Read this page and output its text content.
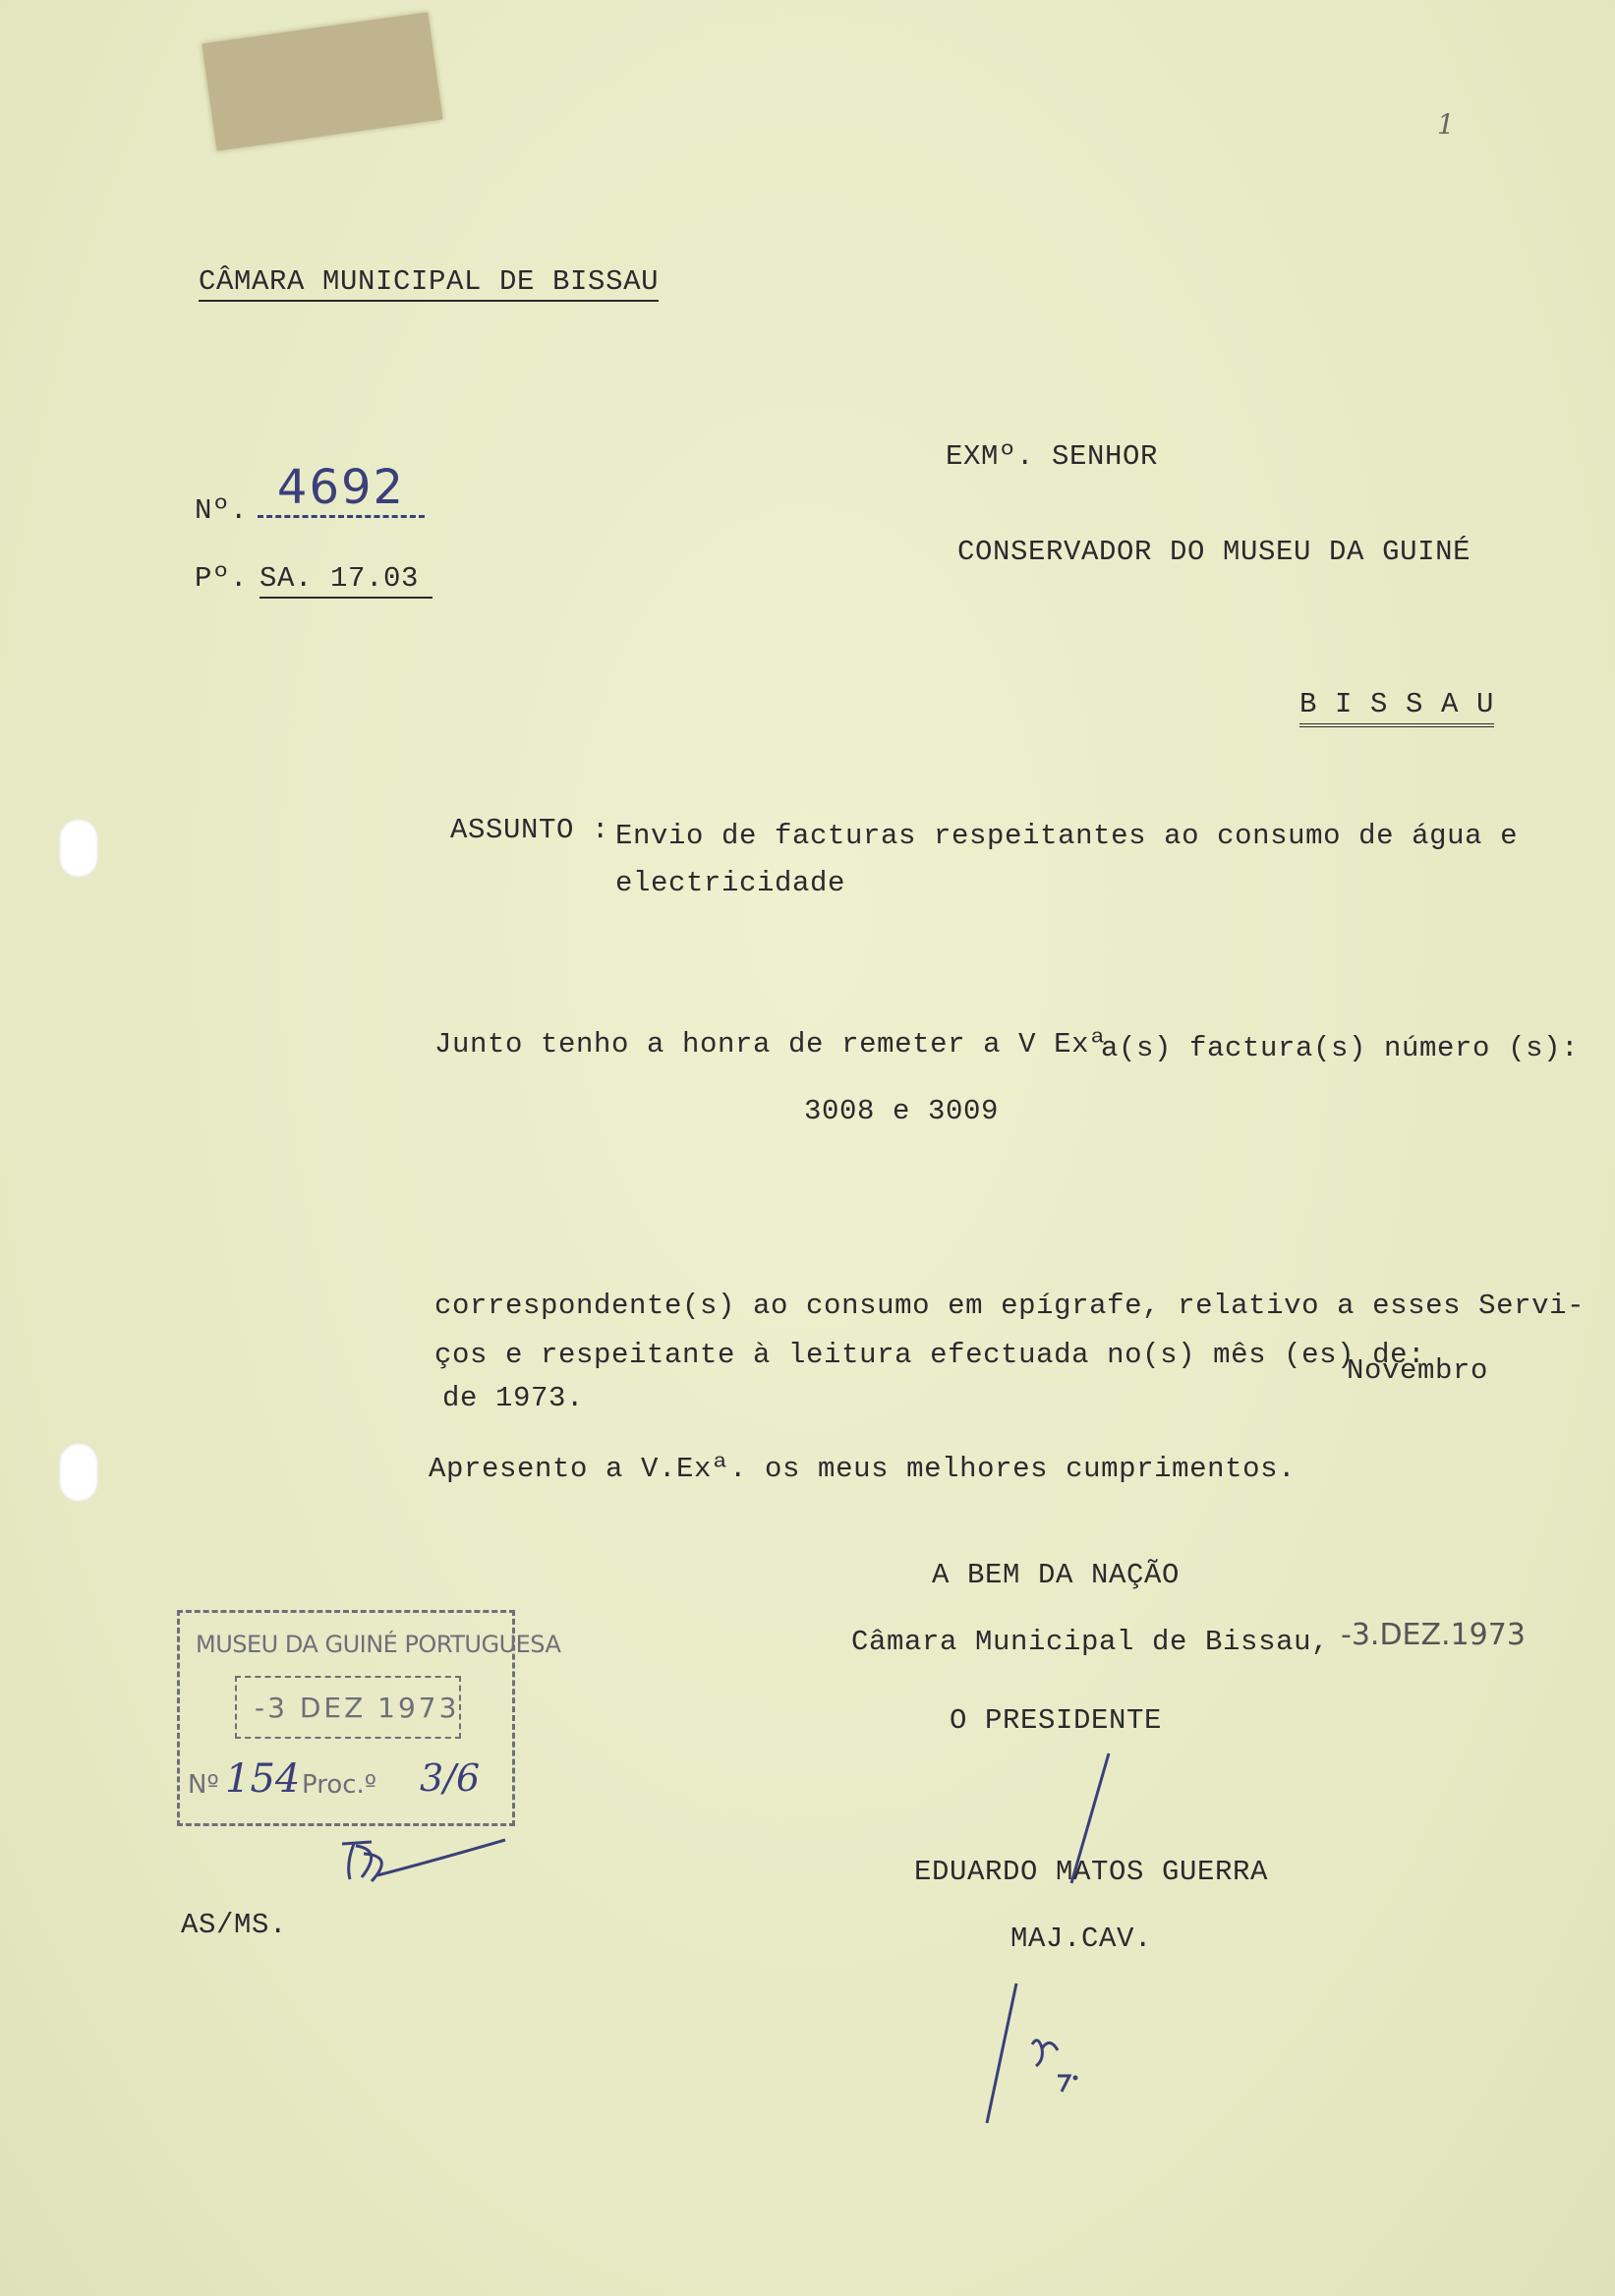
1
CÂMARA MUNICIPAL DE BISSAU
Nº. 4692
Pº. SA. 17.03
EXMº. SENHOR
CONSERVADOR DO MUSEU DA GUINÉ
B I S S A U
ASSUNTO : Envio de facturas respeitantes ao consumo de água e
electricidade
Junto tenho a honra de remeter a V Exª
a(s) factura(s) número (s):
3008 e 3009
correspondente(s) ao consumo em epígrafe, relativo a esses Servi-
ços e respeitante à leitura efectuada no(s) mês (es) de:
Novembro
de 1973.
Apresento a V.Exª. os meus melhores cumprimentos.
A BEM DA NAÇÃO
Câmara Municipal de Bissau, -3.DEZ.1973
O PRESIDENTE
EDUARDO MATOS GUERRA
MAJ.CAV.
MUSEU DA GUINÉ PORTUGUESA
-3 DEZ 1973
Nº 154 Proc.º 3/6
AS/MS.
